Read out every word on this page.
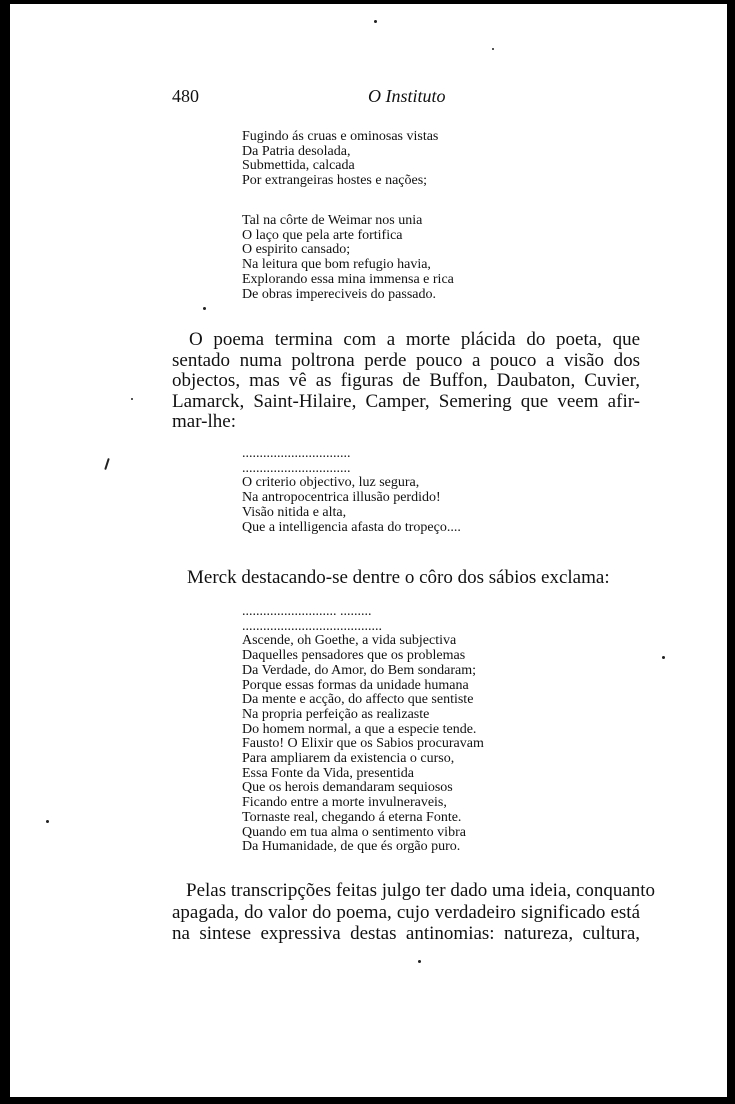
480	O Instituto
Fugindo ás cruas e ominosas vistas
Da Patria desolada,
Submettida, calcada
Por extrangeiras hostes e nações;
Tal na côrte de Weimar nos unia
O laço que pela arte fortifica
O espirito cansado;
Na leitura que bom refugio havia,
Explorando essa mina immensa e rica
De obras impereciveis do passado.
O poema termina com a morte plácida do poeta, que
sentado numa poltrona perde pouco a pouco a visão dos
objectos, mas vê as figuras de Buffon, Daubaton, Cuvier,
Lamarck, Saint-Hilaire, Camper, Semering que veem afir-
mar-lhe:
...............................
...............................
O criterio objectivo, luz segura,
Na antropocentrica illusão perdido!
Visão nitida e alta,
Que a intelligencia afasta do tropeço....
Merck destacando-se dentre o côro dos sábios exclama:
........................... .........
........................................
Ascende, oh Goethe, a vida subjectiva
Daquelles pensadores que os problemas
Da Verdade, do Amor, do Bem sondaram;
Porque essas formas da unidade humana
Da mente e acção, do affecto que sentiste
Na propria perfeição as realizaste
Do homem normal, a que a especie tende.
Fausto! O Elixir que os Sabios procuravam
Para ampliarem da existencia o curso,
Essa Fonte da Vida, presentida
Que os herois demandaram sequiosos
Ficando entre a morte invulneraveis,
Tornaste real, chegando á eterna Fonte.
Quando em tua alma o sentimento vibra
Da Humanidade, de que és orgão puro.
Pelas transcripções feitas julgo ter dado uma ideia, conquanto
apagada, do valor do poema, cujo verdadeiro significado está
na sintese expressiva destas antinomias: natureza, cultura,
